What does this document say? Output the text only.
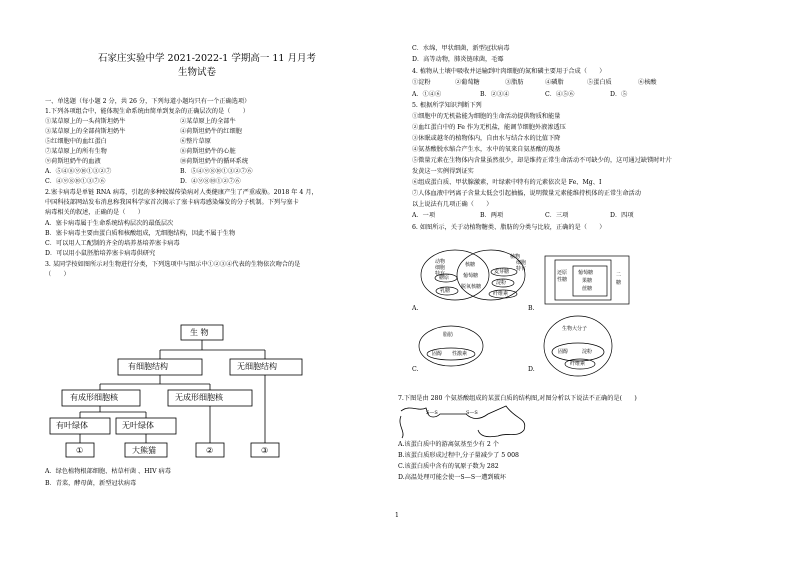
石家庄实验中学 2021-2022-1 学期高一 11 月月考
生物试卷
一、单选题（每小题 2 分，共 26 分，下列每道小题均只有一个正确选项）
1.下列各项组合中，能体现生命系统由简单到复杂的正确层次的是（　　）
①某草原上的一头荷斯坦奶牛	②某草原上的全部牛
③某草原上的全部荷斯坦奶牛	④荷斯坦奶牛的红细胞
⑤红细胞中的血红蛋白	⑥整片草原
⑦某草原上的所有生物	⑧荷斯坦奶牛的心脏
⑨荷斯坦奶牛的血液	⑩荷斯坦奶牛的循环系统
A．⑤④⑧⑨⑩①③②⑦	B．⑤④⑨⑧⑩①③②⑦⑥
C．④⑨⑧⑩①③⑦⑥	D．④⑨⑧⑩①②⑦⑥
2.塞卡病毒是单链 RNA 病毒，引起的多种蚊媒传染病对人类健康产生了严重威胁。2018 年 4 月，
中国科技部网站发布消息称我国科学家首次揭示了塞卡病毒感染爆发的分子机制。下列与塞卡
病毒相关的叙述，正确的是（　　）
A．塞卡病毒属于生命系统结构层次的最低层次
B．塞卡病毒主要由蛋白质和核酸组成，无细胞结构，因此不属于生物
C．可以用人工配制的齐全的培养基培养塞卡病毒
D．可以用小鼠胚胎培养塞卡病毒供研究
3. 某同学按如图所示对生物进行分类，下列选项中与图示中①②③④代表的生物依次吻合的是
（　　）
生 物
有细胞结构	无细胞结构
有成形细胞核	无成形细胞核
有叶绿体	无叶绿体
①	大熊猫	②	③
A．绿色植物根部细胞、枯草杆菌 、HIV 病毒
B．青菜，酵母菌，新型冠状病毒
C．水绵，甲状细菌，新型冠状病毒
D．高等动物，肺炎链球菌，毛霉
4. 植物从土壤中吸收并运输到叶肉细胞的氮和磷主要用于合成（　　）
①淀粉	②葡萄糖	③脂肪	④磷脂	⑤蛋白质	⑥核酸
A．①④⑥	B．②③④	C．④⑤⑥	D．⑤
5. 根据所学知识判断下列
①细胞中的无机盐能为细胞的生命活动提供物质和能量
②血红蛋白中的 Fe 作为无机盐，能调节细胞外液渗透压
③休眠或越冬的植物体内，自由水与结合水的比值下降
④氨基酸脱水缩合产生水，水中的氧来自氨基酸的羧基
⑤微量元素在生物体内含量虽然很少，却是维持正常生命活动不可缺少的，这可通过缺镁时叶片
发黄这一实例得到证实
⑥组成蛋白质、甲状腺激素，叶绿素中特有的元素依次是 Fe、Mg、I
⑦人体血液中钙离子含量太低会引起抽搐，说明微量元素能维持机体的正常生命活动
以上说法有几项正确（　　）
A．一项	B．两项	C．三项	D．四项
6. 如图所示，关于动植物糖类、脂肪的分类与比较，正确的是（　　）
动物
细胞
特有
核糖
葡萄糖
脱氧核糖
植物
细胞
特有
糖原
乳糖
麦芽糖
淀粉
纤维素
A.
还原
性糖
葡萄糖
果糖
蔗糖
二
糖
B.
脂肪
固醇 性激素
C.
生物大分子
固醇	淀粉
纤维素
D.
7.下图是由 280 个氨基酸组成的某蛋白质的结构图,对图分析以下说法不正确的是(　　)
S—S	S—S
A.该蛋白质中的游离氨基至少有 2 个
B.该蛋白质形成过程中,分子量减少了 5 008
C.该蛋白质中含有的氧原子数为 282
D.高温处理可能会使一S—S一遭到破坏
1
